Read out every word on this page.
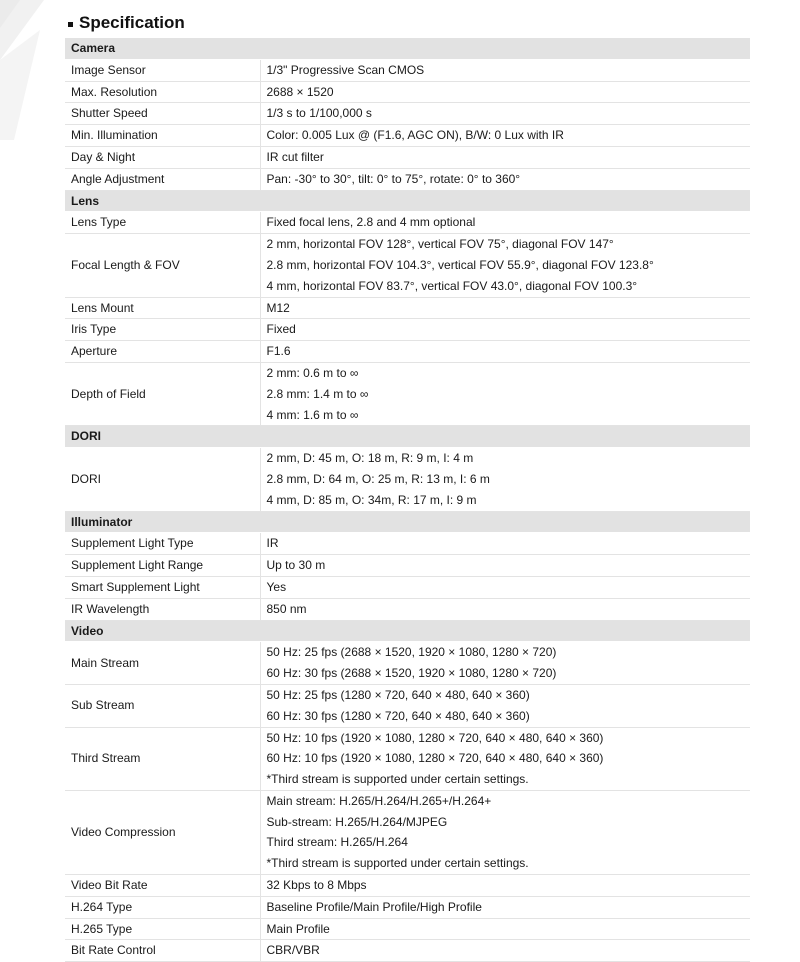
Specification
Camera	
Image Sensor	1/3" Progressive Scan CMOS

Max. Resolution	2688 × 1520

Shutter Speed	1/3 s to 1/100,000 s

Min. Illumination	Color: 0.005 Lux @ (F1.6, AGC ON), B/W: 0 Lux with IR

Day & Night	IR cut filter

Angle Adjustment	Pan: -30° to 30°, tilt: 0° to 75°, rotate: 0° to 360°

Lens	
Lens Type	Fixed focal lens, 2.8 and 4 mm optional

Focal Length & FOV	2 mm, horizontal FOV 128°, vertical FOV 75°, diagonal FOV 147°
2.8 mm, horizontal FOV 104.3°, vertical FOV 55.9°, diagonal FOV 123.8°
4 mm, horizontal FOV 83.7°, vertical FOV 43.0°, diagonal FOV 100.3°

Lens Mount	M12

Iris Type	Fixed

Aperture	F1.6

Depth of Field	2 mm: 0.6 m to ∞
2.8 mm: 1.4 m to ∞
4 mm: 1.6 m to ∞

DORI	
DORI	2 mm, D: 45 m, O: 18 m, R: 9 m, I: 4 m
2.8 mm, D: 64 m, O: 25 m, R: 13 m, I: 6 m
4 mm, D: 85 m, O: 34m, R: 17 m, I: 9 m

Illuminator	
Supplement Light Type	IR

Supplement Light Range	Up to 30 m

Smart Supplement Light	Yes

IR Wavelength	850 nm

Video	
Main Stream	50 Hz: 25 fps (2688 × 1520, 1920 × 1080, 1280 × 720)
60 Hz: 30 fps (2688 × 1520, 1920 × 1080, 1280 × 720)

Sub Stream	50 Hz: 25 fps (1280 × 720, 640 × 480, 640 × 360)
60 Hz: 30 fps (1280 × 720, 640 × 480, 640 × 360)

Third Stream	50 Hz: 10 fps (1920 × 1080, 1280 × 720, 640 × 480, 640 × 360)
60 Hz: 10 fps (1920 × 1080, 1280 × 720, 640 × 480, 640 × 360)
*Third stream is supported under certain settings.

Video Compression	Main stream: H.265/H.264/H.265+/H.264+
Sub-stream: H.265/H.264/MJPEG
Third stream: H.265/H.264
*Third stream is supported under certain settings.

Video Bit Rate	32 Kbps to 8 Mbps

H.264 Type	Baseline Profile/Main Profile/High Profile

H.265 Type	Main Profile

Bit Rate Control	CBR/VBR
